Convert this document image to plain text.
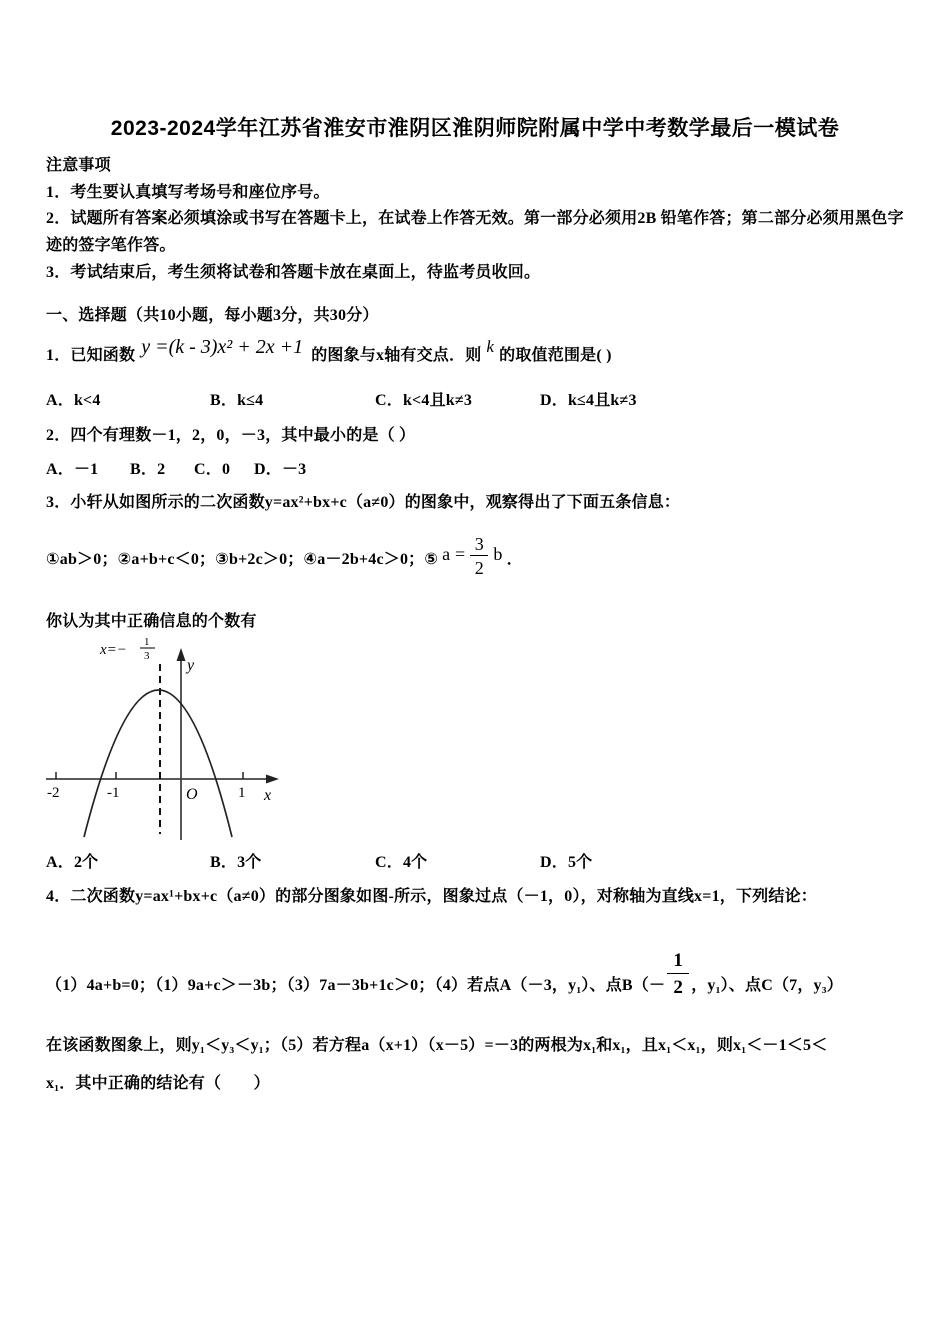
2023-2024学年江苏省淮安市淮阴区淮阴师院附属中学中考数学最后一模试卷
注意事项
1．考生要认真填写考场号和座位序号。
2．试题所有答案必须填涂或书写在答题卡上，在试卷上作答无效。第一部分必须用2B 铅笔作答；第二部分必须用黑色字迹的签字笔作答。
3．考试结束后，考生须将试卷和答题卡放在桌面上，待监考员收回。
一、选择题（共10小题，每小题3分，共30分）
1．已知函数 y =(k - 3)x² + 2x +1 的图象与x轴有交点．则 k 的取值范围是( )
A．k<4	B．k≤4	C．k<4且k≠3	D．k≤4且k≠3
2．四个有理数－1，2，0，－3，其中最小的是（ ）
A．－1 B．2 C．0 D．－3
3．小轩从如图所示的二次函数y=ax²+bx+c（a≠0）的图象中，观察得出了下面五条信息：
①ab＞0；②a+b+c＜0；③b+2c＞0；④a－2b+4c＞0；⑤ $a = \frac{3}{2}$ b ．
你认为其中正确信息的个数有
-2	-1	1
O	x
y
x=− 1
3
A．2个	B．3个	C．4个	D．5个
4．二次函数y=ax¹+bx+c（a≠0）的部分图象如图-所示，图象过点（－1，0），对称轴为直线x=1，下列结论：
（1）4a+b=0；（1）9a+c＞－3b；（3）7a－3b+1c＞0；（4）若点A（－3，y₁）、点B（－
$\frac{1}{2}$
，y₁）、点C（7，y₃）
在该函数图象上，则y₁＜y₃＜y₁；（5）若方程a（x+1）（x－5）=－3的两根为x₁和x₁，且x₁＜x₁，则x₁＜－1＜5＜
x₁．其中正确的结论有（　　）
